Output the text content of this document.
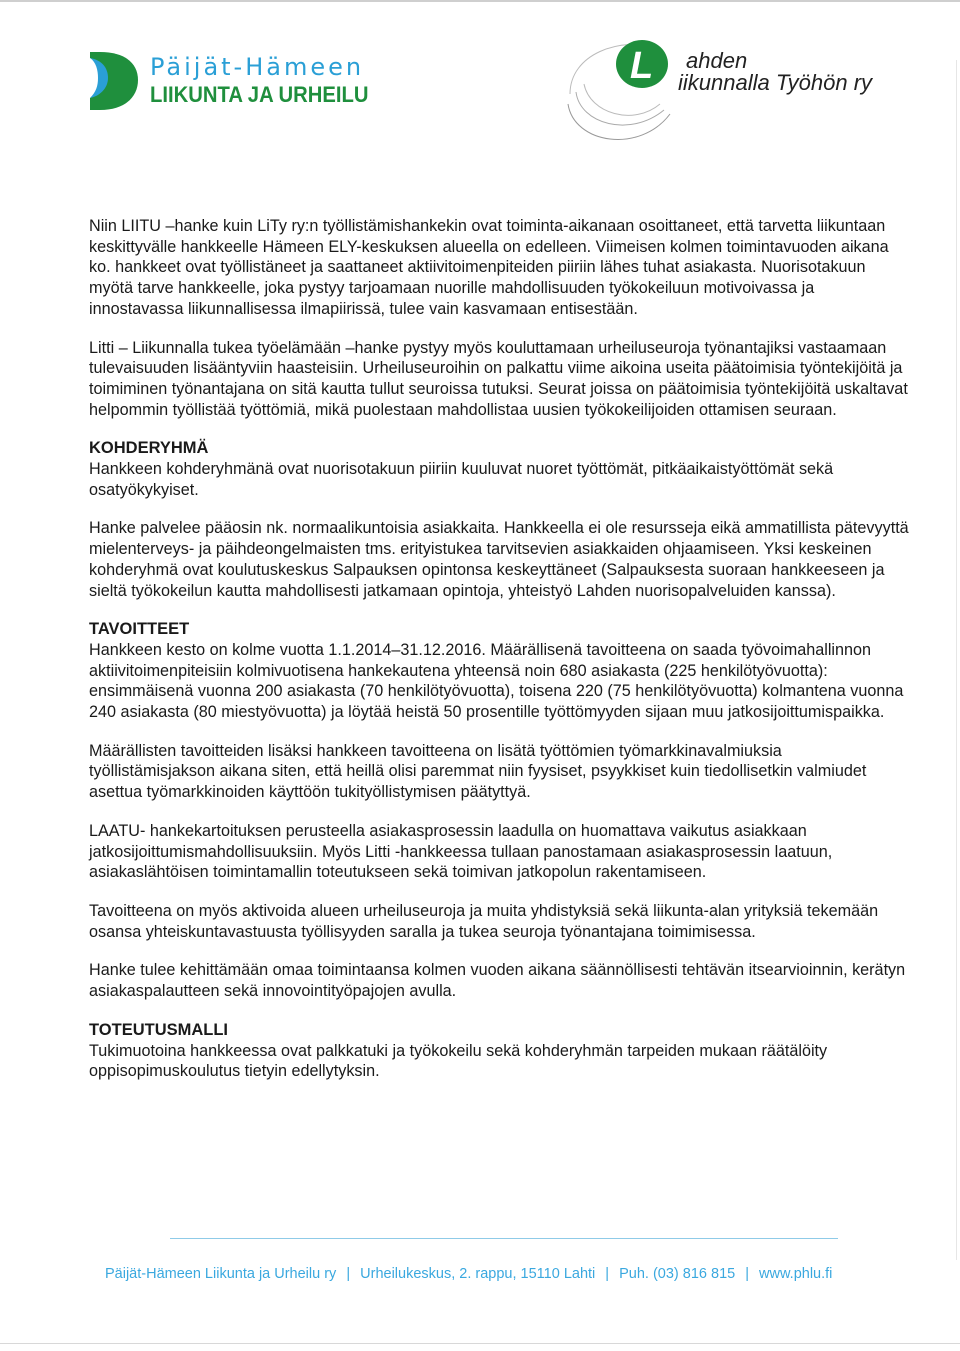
Päijät-Hämeen
LIIKUNTA JA URHEILU
L ahden
iikunnalla Työhön ry

Niin LIITU –hanke kuin LiTy ry:n työllistämishankekin ovat toiminta-aikanaan osoittaneet, että tarvetta liikuntaan keskittyvälle hankkeelle Hämeen ELY-keskuksen alueella on edelleen. Viimeisen kolmen toimintavuoden aikana ko. hankkeet ovat työllistäneet ja saattaneet aktiivitoimenpiteiden piiriin lähes tuhat asiakasta. Nuorisotakuun myötä tarve hankkeelle, joka pystyy tarjoamaan nuorille mahdollisuuden työkokeiluun motivoivassa ja innostavassa liikunnallisessa ilmapiirissä, tulee vain kasvamaan entisestään.

Litti – Liikunnalla tukea työelämään –hanke pystyy myös kouluttamaan urheiluseuroja työnantajiksi vastaamaan tulevaisuuden lisääntyviin haasteisiin. Urheiluseuroihin on palkattu viime aikoina useita päätoimisia työntekijöitä ja toimiminen työnantajana on sitä kautta tullut seuroissa tutuksi. Seurat joissa on päätoimisia työntekijöitä uskaltavat helpommin työllistää työttömiä, mikä puolestaan mahdollistaa uusien työkokeilijoiden ottamisen seuraan.

KOHDERYHMÄ

Hankkeen kohderyhmänä ovat nuorisotakuun piiriin kuuluvat nuoret työttömät, pitkäaikaistyöttömät sekä osatyökykyiset.

Hanke palvelee pääosin nk. normaalikuntoisia asiakkaita. Hankkeella ei ole resursseja eikä ammatillista pätevyyttä mielenterveys- ja päihdeongelmaisten tms. erityistukea tarvitsevien asiakkaiden ohjaamiseen. Yksi keskeinen kohderyhmä ovat koulutuskeskus Salpauksen opintonsa keskeyttäneet (Salpauksesta suoraan hankkeeseen ja sieltä työkokeilun kautta mahdollisesti jatkamaan opintoja, yhteistyö Lahden nuorisopalveluiden kanssa).

TAVOITTEET

Hankkeen kesto on kolme vuotta 1.1.2014–31.12.2016. Määrällisenä tavoitteena on saada työvoimahallinnon aktiivitoimenpiteisiin kolmivuotisena hankekautena yhteensä noin 680 asiakasta (225 henkilötyövuotta): ensimmäisenä vuonna 200 asiakasta (70 henkilötyövuotta), toisena 220 (75 henkilötyövuotta) kolmantena vuonna 240 asiakasta (80 miestyövuotta) ja löytää heistä 50 prosentille työttömyyden sijaan muu jatkosijoittumispaikka.

Määrällisten tavoitteiden lisäksi hankkeen tavoitteena on lisätä työttömien työmarkkinavalmiuksia työllistämisjakson aikana siten, että heillä olisi paremmat niin fyysiset, psyykkiset kuin tiedollisetkin valmiudet asettua työmarkkinoiden käyttöön tukityöllistymisen päätyttyä.

LAATU- hankekartoituksen perusteella asiakasprosessin laadulla on huomattava vaikutus asiakkaan jatkosijoittumismahdollisuuksiin. Myös Litti -hankkeessa tullaan panostamaan asiakasprosessin laatuun, asiakaslähtöisen toimintamallin toteutukseen sekä toimivan jatkopolun rakentamiseen.

Tavoitteena on myös aktivoida alueen urheiluseuroja ja muita yhdistyksiä sekä liikunta-alan yrityksiä tekemään osansa yhteiskuntavastuusta työllisyyden saralla ja tukea seuroja työnantajana toimimisessa.

Hanke tulee kehittämään omaa toimintaansa kolmen vuoden aikana säännöllisesti tehtävän itsearvioinnin, kerätyn asiakaspalautteen sekä innovointityöpajojen avulla.

TOTEUTUSMALLI

Tukimuotoina hankkeessa ovat palkkatuki ja työkokeilu sekä kohderyhmän tarpeiden mukaan räätälöity oppisopimuskoulutus tietyin edellytyksin.

Päijät-Hämeen Liikunta ja Urheilu ry | Urheilukeskus, 2. rappu, 15110 Lahti | Puh. (03) 816 815 | www.phlu.fi
